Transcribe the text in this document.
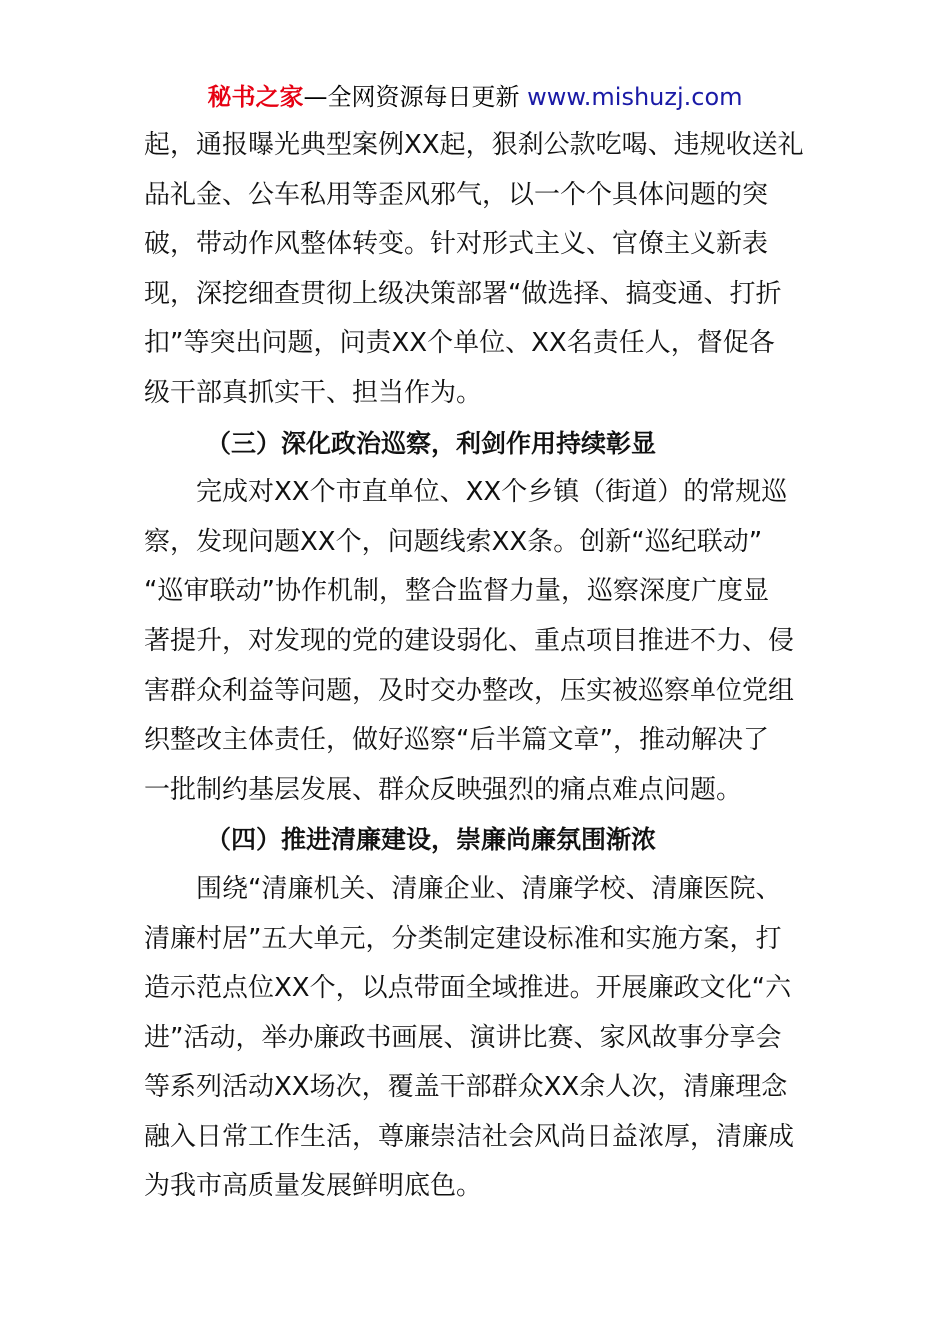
秘书之家—全网资源每日更新 www.mishuzj.com
起，通报曝光典型案例XX起，狠刹公款吃喝、违规收送礼
品礼金、公车私用等歪风邪气，以一个个具体问题的突
破，带动作风整体转变。针对形式主义、官僚主义新表
现，深挖细查贯彻上级决策部署“做选择、搞变通、打折
扣”等突出问题，问责XX个单位、XX名责任人，督促各
级干部真抓实干、担当作为。
（三）深化政治巡察，利剑作用持续彰显
完成对XX个市直单位、XX个乡镇（街道）的常规巡
察，发现问题XX个，问题线索XX条。创新“巡纪联动”
“巡审联动”协作机制，整合监督力量，巡察深度广度显
著提升，对发现的党的建设弱化、重点项目推进不力、侵
害群众利益等问题，及时交办整改，压实被巡察单位党组
织整改主体责任，做好巡察“后半篇文章”，推动解决了
一批制约基层发展、群众反映强烈的痛点难点问题。
（四）推进清廉建设，崇廉尚廉氛围渐浓
围绕“清廉机关、清廉企业、清廉学校、清廉医院、
清廉村居”五大单元，分类制定建设标准和实施方案，打
造示范点位XX个，以点带面全域推进。开展廉政文化“六
进”活动，举办廉政书画展、演讲比赛、家风故事分享会
等系列活动XX场次，覆盖干部群众XX余人次，清廉理念
融入日常工作生活，尊廉崇洁社会风尚日益浓厚，清廉成
为我市高质量发展鲜明底色。
